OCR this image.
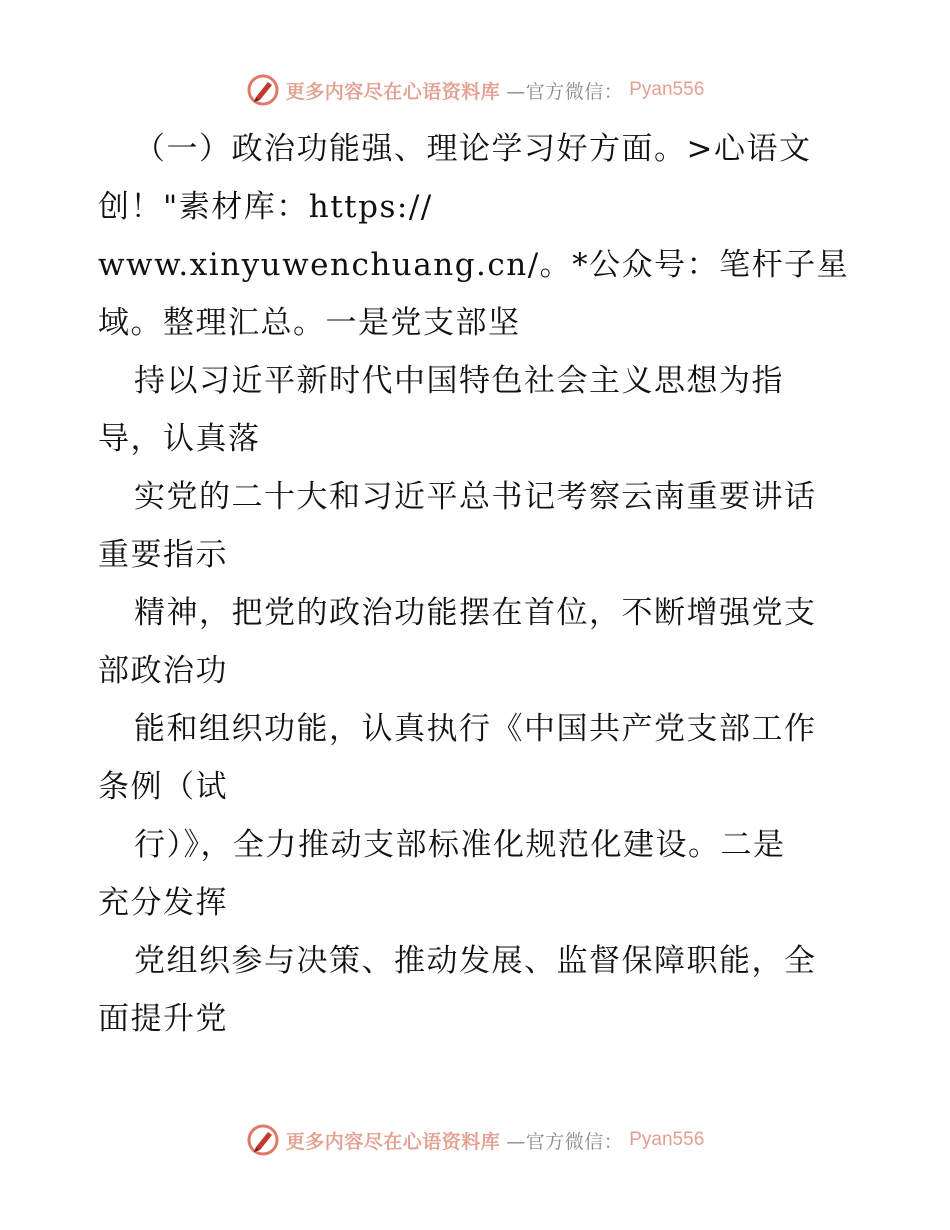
更多内容尽在心语资料库 —官方微信： Pyan556
（一）政治功能强、理论学习好方面。>心语文
创！"素材库：https://
www.xinyuwenchuang.cn/。*公众号：笔杆子星
域。整理汇总。一是党支部坚
持以习近平新时代中国特色社会主义思想为指
导，认真落
实党的二十大和习近平总书记考察云南重要讲话
重要指示
精神，把党的政治功能摆在首位，不断增强党支
部政治功
能和组织功能，认真执行《中国共产党支部工作
条例（试
行）》，全力推动支部标准化规范化建设。二是
充分发挥
党组织参与决策、推动发展、监督保障职能，全
面提升党
更多内容尽在心语资料库 —官方微信： Pyan556
